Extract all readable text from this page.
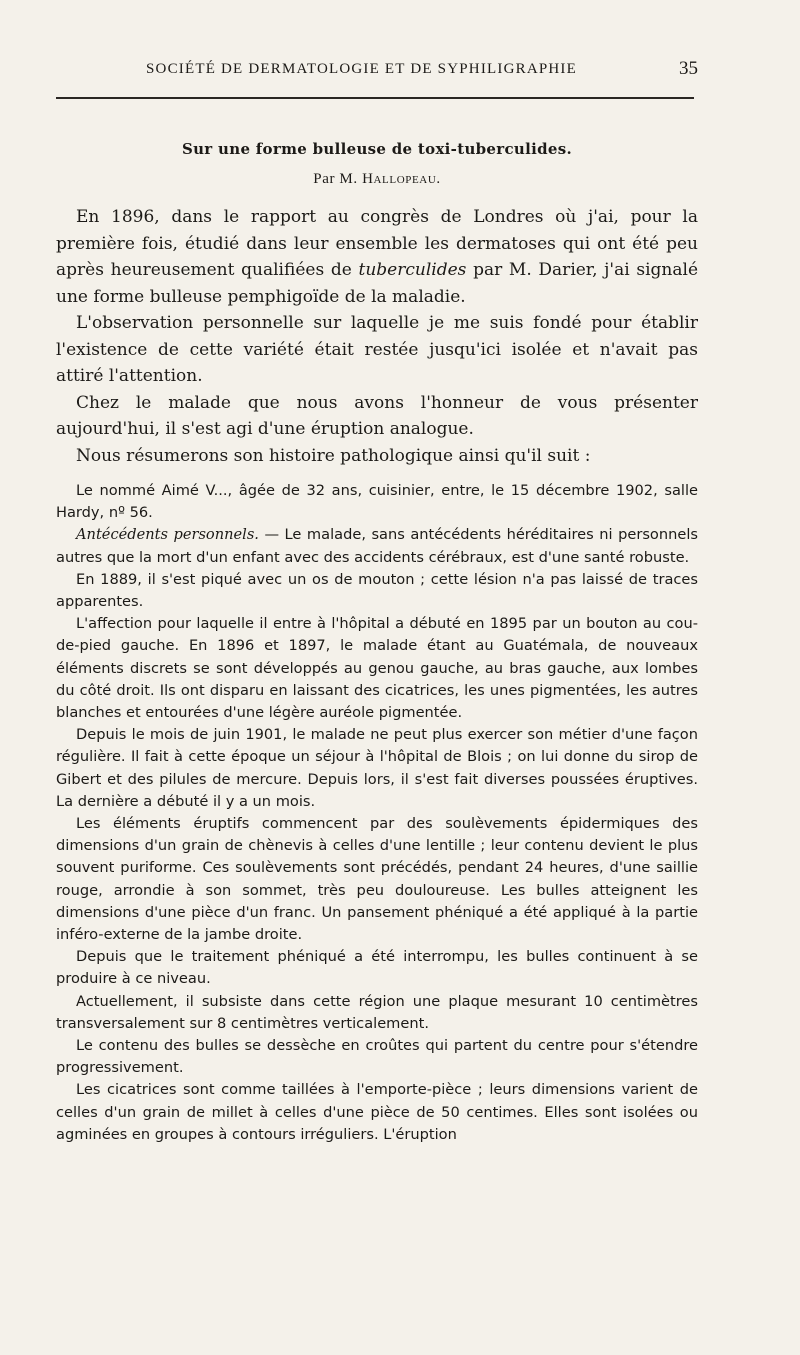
SOCIÉTÉ DE DERMATOLOGIE ET DE SYPHILIGRAPHIE	35
Sur une forme bulleuse de toxi-tuberculides.
Par M. Hallopeau.

En 1896, dans le rapport au congrès de Londres où j'ai, pour la première fois, étudié dans leur ensemble les dermatoses qui ont été peu après heureusement qualifiées de tuberculides par M. Darier, j'ai signalé une forme bulleuse pemphigoïde de la maladie.

L'observation personnelle sur laquelle je me suis fondé pour établir l'existence de cette variété était restée jusqu'ici isolée et n'avait pas attiré l'attention.

Chez le malade que nous avons l'honneur de vous présenter aujourd'hui, il s'est agi d'une éruption analogue.

Nous résumerons son histoire pathologique ainsi qu'il suit :

Le nommé Aimé V..., âgée de 32 ans, cuisinier, entre, le 15 décembre 1902, salle Hardy, nº 56.

Antécédents personnels. — Le malade, sans antécédents héréditaires ni personnels autres que la mort d'un enfant avec des accidents cérébraux, est d'une santé robuste.

En 1889, il s'est piqué avec un os de mouton ; cette lésion n'a pas laissé de traces apparentes.

L'affection pour laquelle il entre à l'hôpital a débuté en 1895 par un bouton au cou-de-pied gauche. En 1896 et 1897, le malade étant au Guatémala, de nouveaux éléments discrets se sont développés au genou gauche, au bras gauche, aux lombes du côté droit. Ils ont disparu en laissant des cicatrices, les unes pigmentées, les autres blanches et entourées d'une légère auréole pigmentée.

Depuis le mois de juin 1901, le malade ne peut plus exercer son métier d'une façon régulière. Il fait à cette époque un séjour à l'hôpital de Blois ; on lui donne du sirop de Gibert et des pilules de mercure. Depuis lors, il s'est fait diverses poussées éruptives. La dernière a débuté il y a un mois.

Les éléments éruptifs commencent par des soulèvements épidermiques des dimensions d'un grain de chènevis à celles d'une lentille ; leur contenu devient le plus souvent puriforme. Ces soulèvements sont précédés, pendant 24 heures, d'une saillie rouge, arrondie à son sommet, très peu douloureuse. Les bulles atteignent les dimensions d'une pièce d'un franc. Un pansement phéniqué a été appliqué à la partie inféro-externe de la jambe droite.

Depuis que le traitement phéniqué a été interrompu, les bulles continuent à se produire à ce niveau.

Actuellement, il subsiste dans cette région une plaque mesurant 10 centimètres transversalement sur 8 centimètres verticalement.

Le contenu des bulles se dessèche en croûtes qui partent du centre pour s'étendre progressivement.

Les cicatrices sont comme taillées à l'emporte-pièce ; leurs dimensions varient de celles d'un grain de millet à celles d'une pièce de 50 centimes. Elles sont isolées ou agminées en groupes à contours irréguliers. L'éruption
